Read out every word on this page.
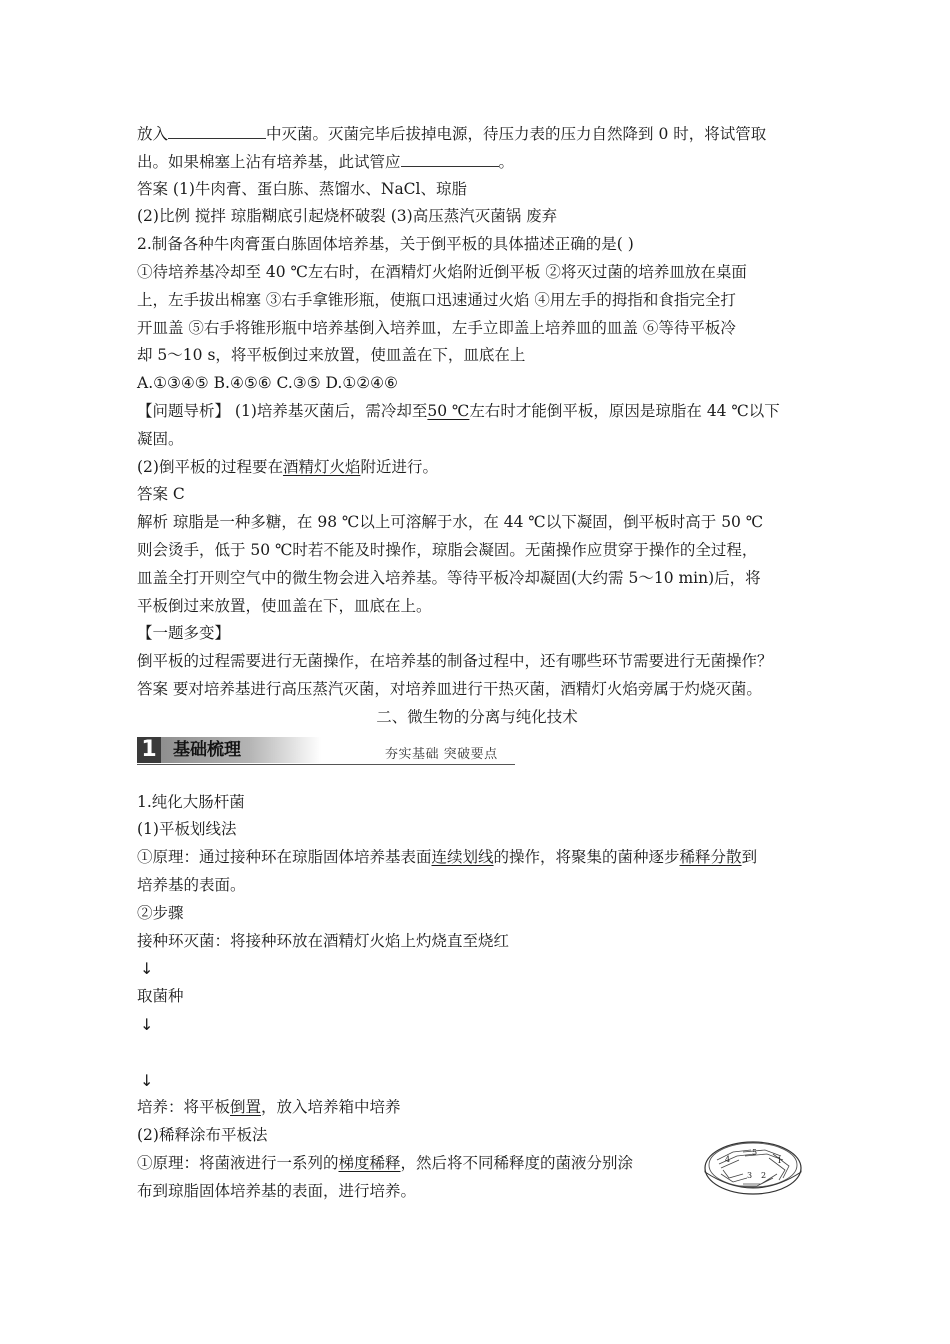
放入	中灭菌。灭菌完毕后拔掉电源，待压力表的压力自然降到 0 时，将试管取
出。如果棉塞上沾有培养基，此试管应	。
答案 (1)牛肉膏、蛋白胨、蒸馏水、NaCl、琼脂
(2)比例 搅拌 琼脂糊底引起烧杯破裂 (3)高压蒸汽灭菌锅 废弃
2.制备各种牛肉膏蛋白胨固体培养基，关于倒平板的具体描述正确的是( )
①待培养基冷却至 40 ℃左右时，在酒精灯火焰附近倒平板 ②将灭过菌的培养皿放在桌面
上，左手拔出棉塞 ③右手拿锥形瓶，使瓶口迅速通过火焰 ④用左手的拇指和食指完全打
开皿盖 ⑤右手将锥形瓶中培养基倒入培养皿，左手立即盖上培养皿的皿盖 ⑥等待平板冷
却 5～10 s，将平板倒过来放置，使皿盖在下，皿底在上
A.①③④⑤ B.④⑤⑥ C.③⑤ D.①②④⑥
【问题导析】 (1)培养基灭菌后，需冷却至50 ℃左右时才能倒平板，原因是琼脂在 44 ℃以下
凝固。
(2)倒平板的过程要在酒精灯火焰附近进行。
答案 C
解析 琼脂是一种多糖，在 98 ℃以上可溶解于水，在 44 ℃以下凝固，倒平板时高于 50 ℃
则会烫手，低于 50 ℃时若不能及时操作，琼脂会凝固。无菌操作应贯穿于操作的全过程，
皿盖全打开则空气中的微生物会进入培养基。等待平板冷却凝固(大约需 5～10 min)后，将
平板倒过来放置，使皿盖在下，皿底在上。
【一题多变】
倒平板的过程需要进行无菌操作，在培养基的制备过程中，还有哪些环节需要进行无菌操作？
答案 要对培养基进行高压蒸汽灭菌，对培养皿进行干热灭菌，酒精灯火焰旁属于灼烧灭菌。
二、微生物的分离与纯化技术
1 基础梳理	夯实基础 突破要点
1.纯化大肠杆菌
(1)平板划线法
①原理：通过接种环在琼脂固体培养基表面连续划线的操作，将聚集的菌种逐步稀释分散到
培养基的表面。
②步骤
接种环灭菌：将接种环放在酒精灯火焰上灼烧直至烧红
↓
取菌种
↓
↓
培养：将平板倒置，放入培养箱中培养
(2)稀释涂布平板法
①原理：将菌液进行一系列的梯度稀释，然后将不同稀释度的菌液分别涂
布到琼脂固体培养基的表面，进行培养。
4
5
1
3 2
